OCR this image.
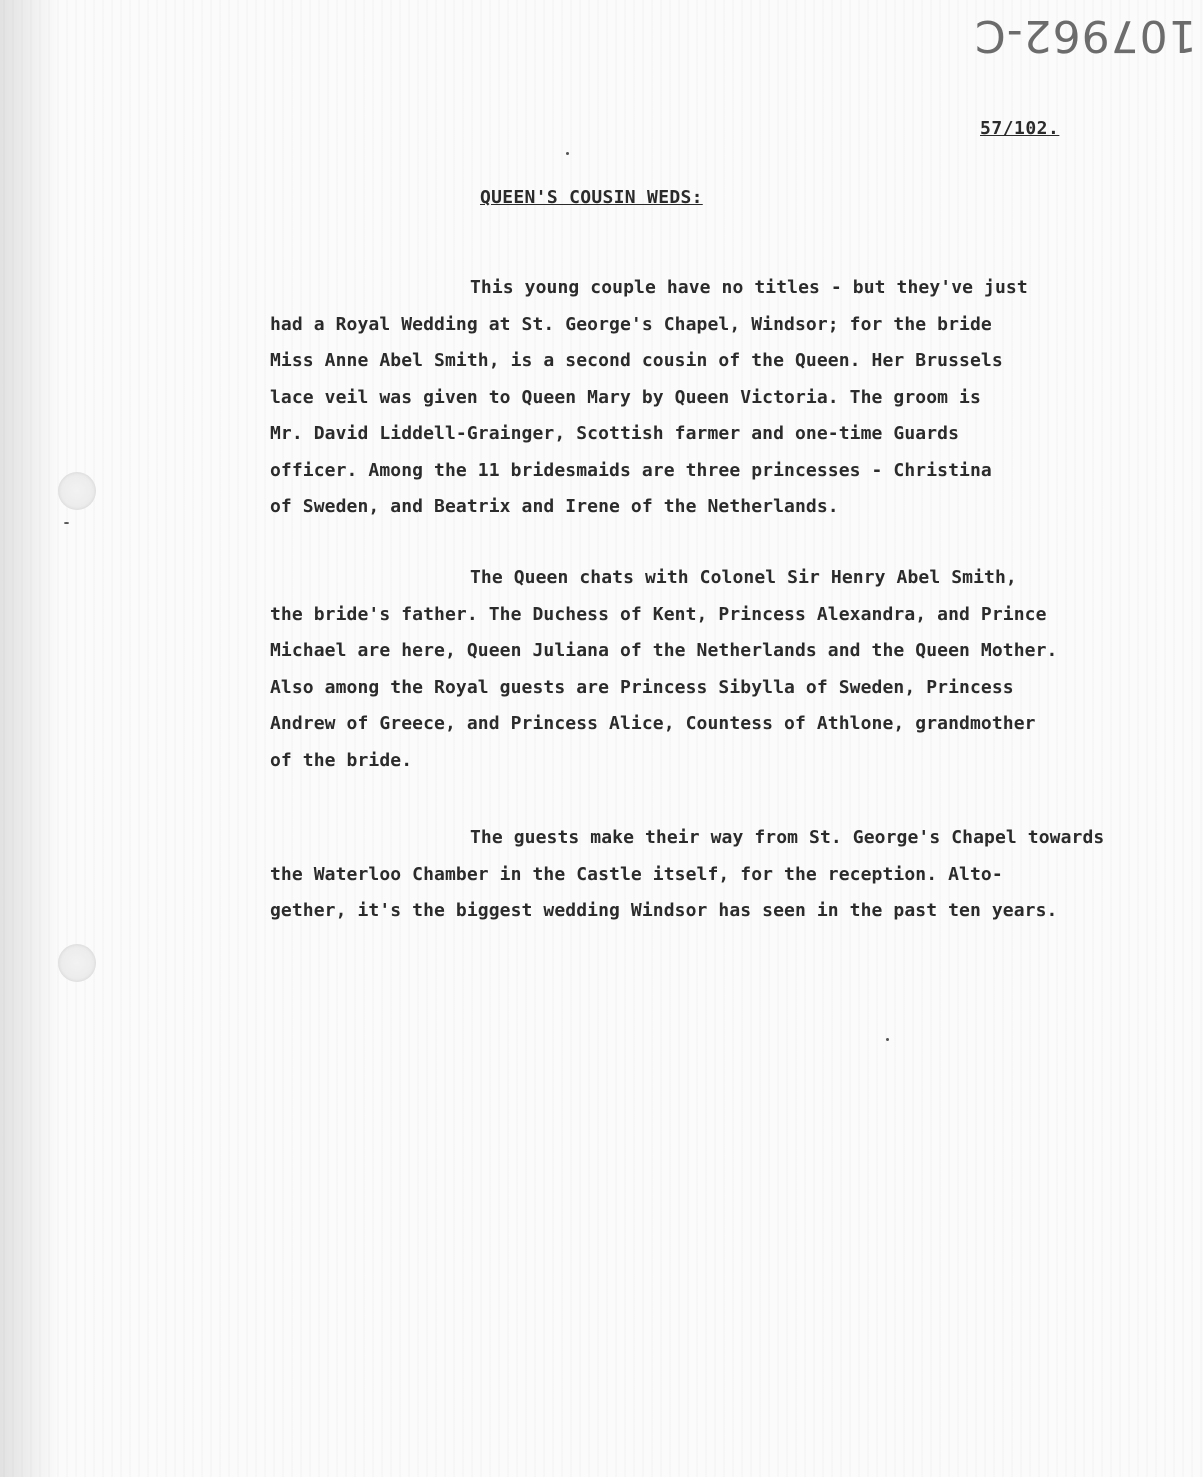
107962-C
57/102.
QUEEN'S COUSIN WEDS:

This young couple have no titles - but they've just
had a Royal Wedding at St. George's Chapel, Windsor; for the bride
Miss Anne Abel Smith, is a second cousin of the Queen. Her Brussels
lace veil was given to Queen Mary by Queen Victoria. The groom is
Mr. David Liddell-Grainger, Scottish farmer and one-time Guards
officer. Among the 11 bridesmaids are three princesses - Christina
of Sweden, and Beatrix and Irene of the Netherlands.

The Queen chats with Colonel Sir Henry Abel Smith,
the bride's father. The Duchess of Kent, Princess Alexandra, and Prince
Michael are here, Queen Juliana of the Netherlands and the Queen Mother.
Also among the Royal guests are Princess Sibylla of Sweden, Princess
Andrew of Greece, and Princess Alice, Countess of Athlone, grandmother
of the bride.

The guests make their way from St. George's Chapel towards
the Waterloo Chamber in the Castle itself, for the reception. Alto-
gether, it's the biggest wedding Windsor has seen in the past ten years.
